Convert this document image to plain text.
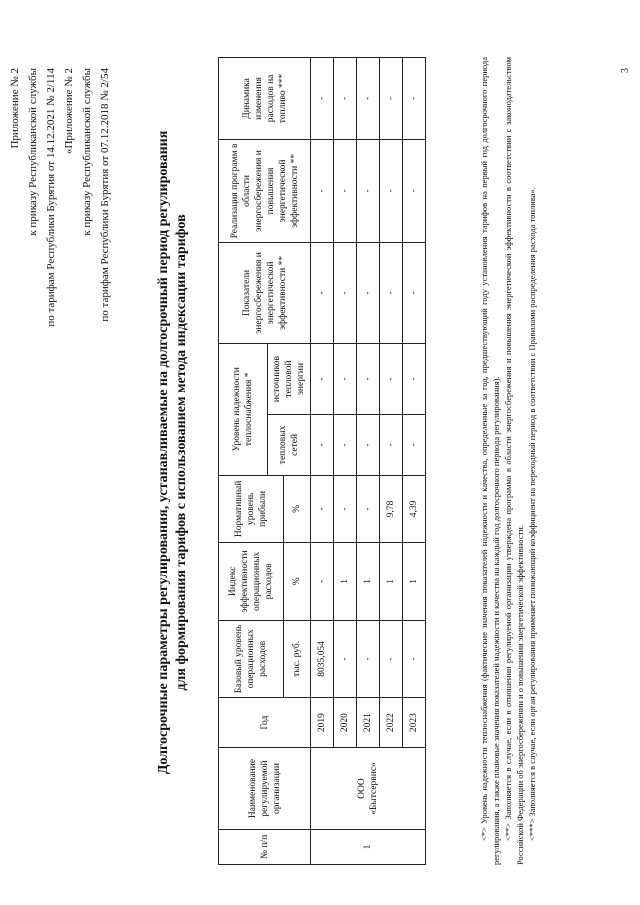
Приложение № 2 к приказу Республиканской службы по тарифам Республики Бурятия от 14.12.2021 № 2/114 «Приложение № 2 к приказу Республиканской службы по тарифам Республики Бурятия от 07.12.2018 № 2/54	3
Долгосрочные параметры регулирования, устанавливаемые на долгосрочный период регулирования для формирования тарифов с использованием метода индексации тарифов
№ п/п	Наименование регулируемой организации	Год	Базовый уровень операционных расходов	Индекс эффективности операционных расходов	Нормативный уровень прибыли	Уровень надежности теплоснабжения *		Показатели энергосбережения и энергетической эффективности **	Реализация программ в области энергосбережения и повышения энергетической эффективности **	Динамика изменения расходов на топливо ***
						тепловых сетей	источников тепловой энергии			
			тыс. руб.	%	%					
1	ООО «Бытсервис»	2019	8035,054	-	-	-	-	-	-	-
		2020	-	1	-	-	-	-	-	-
		2021	-	1	-	-	-	-	-	-
		2022	-	1	9,78	-	-	-	-	-
		2023	-	1	4,39	-	-	-	-	-	<*> Уровень надежности теплоснабжения (фактические значения показателей надежности и качества, определенные за год, предшествующий году установления тарифов на первый год долгосрочного периода регулирования, а также плановые значения показателей надежности и качества на каждый год долгосрочного периода регулирования). <**> Заполняется в случае, если в отношении регулируемой организации утверждена программа в области энергосбережения и повышения энергетической эффективности в соответствии с законодательством Российской Федерации об энергосбережении и о повышении энергетической эффективности. <***> Заполняется в случае, если орган регулирования применяет понижающий коэффициент на переходный период в соответствии с Правилами распределения расхода топлива».
